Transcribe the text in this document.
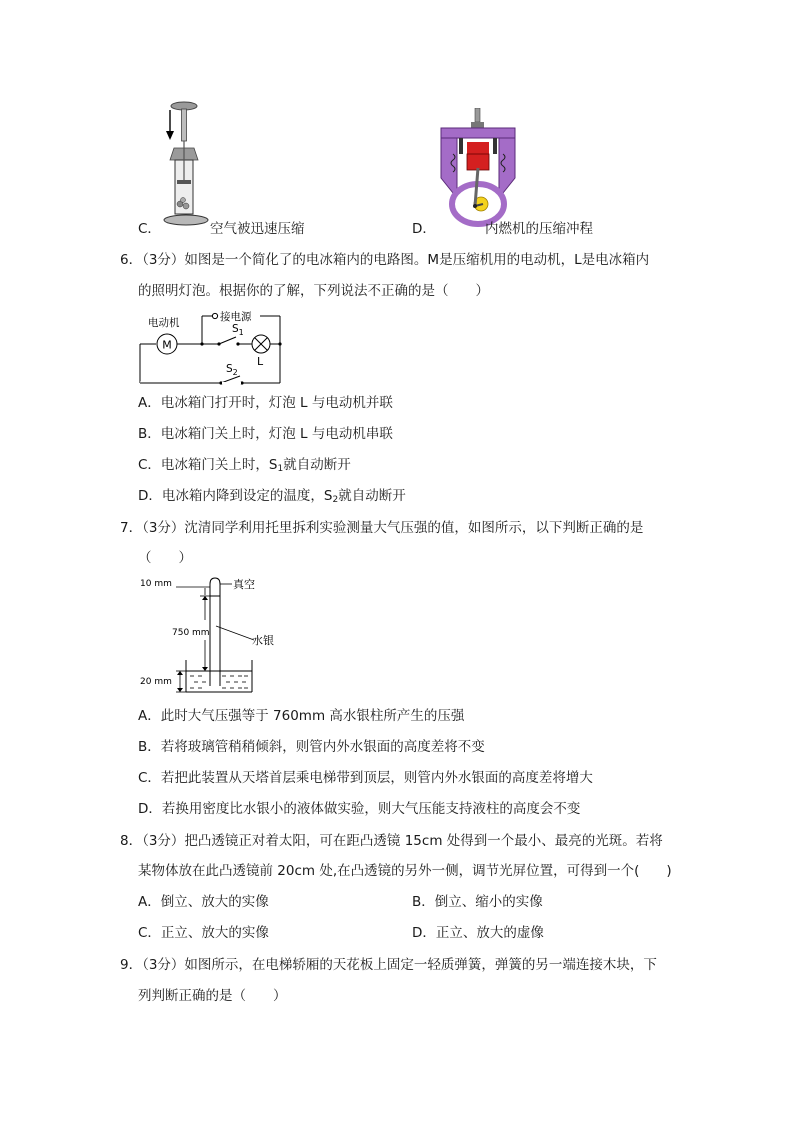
C．	空气被迅速压缩	D．	内燃机的压缩冲程
6．（3分）如图是一个简化了的电冰箱内的电路图。M是压缩机用的电动机，L是电冰箱内
的照明灯泡。根据你的了解，下列说法不正确的是（　　）
M
电动机	接电源
$S_1$
L
$S_2$
A．电冰箱门打开时，灯泡 L 与电动机并联
B．电冰箱门关上时，灯泡 L 与电动机串联
C．电冰箱门关上时，$S_1$就自动断开
D．电冰箱内降到设定的温度，$S_2$就自动断开
7．（3分）沈清同学利用托里拆利实验测量大气压强的值，如图所示，以下判断正确的是
（　　）
真空
水银
10 mm
750 mm
20 mm
A．此时大气压强等于 760mm 高水银柱所产生的压强
B．若将玻璃管稍稍倾斜，则管内外水银面的高度差将不变
C．若把此装置从天塔首层乘电梯带到顶层，则管内外水银面的高度差将增大
D．若换用密度比水银小的液体做实验，则大气压能支持液柱的高度会不变
8．（3分）把凸透镜正对着太阳，可在距凸透镜 15cm 处得到一个最小、最亮的光斑。若将
某物体放在此凸透镜前 20cm 处,在凸透镜的另外一侧，调节光屏位置，可得到一个(　　)
A．倒立、放大的实像	B．倒立、缩小的实像
C．正立、放大的实像	D．正立、放大的虚像
9．（3分）如图所示，在电梯轿厢的天花板上固定一轻质弹簧，弹簧的另一端连接木块，下
列判断正确的是（　　）
